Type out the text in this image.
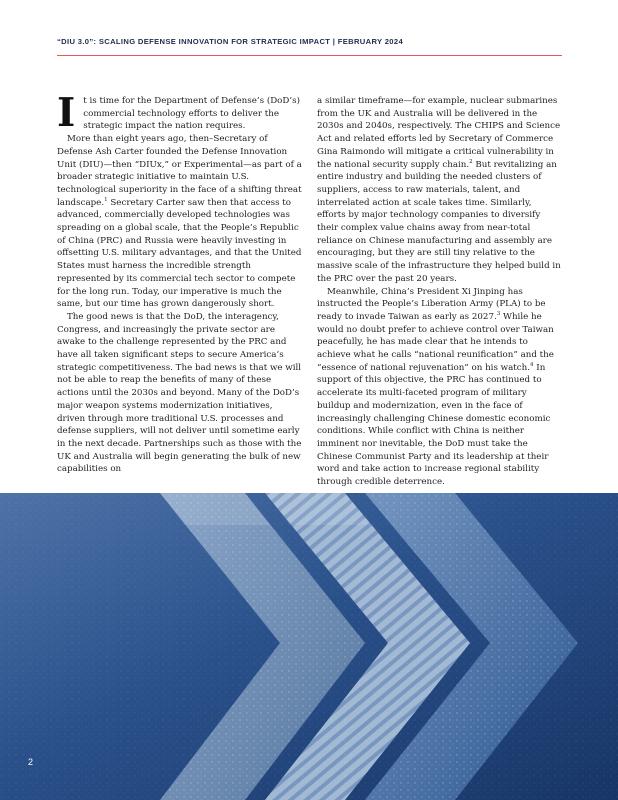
“DIU 3.0”: SCALING DEFENSE INNOVATION FOR STRATEGIC IMPACT | FEBRUARY 2024

It is time for the Department of Defense’s (DoD’s) commercial technology efforts to deliver the strategic impact the nation requires.

More than eight years ago, then–Secretary of Defense Ash Carter founded the Defense Innovation Unit (DIU)—then “DIUx,” or Experimental—as part of a broader strategic initiative to maintain U.S. technological superiority in the face of a shifting threat landscape.$^1$ Secretary Carter saw then that access to advanced, commercially developed technologies was spreading on a global scale, that the People’s Republic of China (PRC) and Russia were heavily investing in offsetting U.S. military advantages, and that the United States must harness the incredible strength represented by its commercial tech sector to compete for the long run. Today, our imperative is much the same, but our time has grown dangerously short.

The good news is that the DoD, the interagency, Congress, and increasingly the private sector are awake to the challenge represented by the PRC and have all taken significant steps to secure America’s strategic competitiveness. The bad news is that we will not be able to reap the benefits of many of these actions until the 2030s and beyond. Many of the DoD’s major weapon systems modernization initiatives, driven through more traditional U.S. processes and defense suppliers, will not deliver until sometime early in the next decade. Partnerships such as those with the UK and Australia will begin generating the bulk of new capabilities on

a similar timeframe—for example, nuclear submarines from the UK and Australia will be delivered in the 2030s and 2040s, respectively. The CHIPS and Science Act and related efforts led by Secretary of Commerce Gina Raimondo will mitigate a critical vulnerability in the national security supply chain.$^2$ But revitalizing an entire industry and building the needed clusters of suppliers, access to raw materials, talent, and interrelated action at scale takes time. Similarly, efforts by major technology companies to diversify their complex value chains away from near-total reliance on Chinese manufacturing and assembly are encouraging, but they are still tiny relative to the massive scale of the infrastructure they helped build in the PRC over the past 20 years.

Meanwhile, China’s President Xi Jinping has instructed the People’s Liberation Army (PLA) to be ready to invade Taiwan as early as 2027.$^3$ While he would no doubt prefer to achieve control over Taiwan peacefully, he has made clear that he intends to achieve what he calls “national reunification” and the “essence of national rejuvenation” on his watch.$^4$ In support of this objective, the PRC has continued to accelerate its multi-faceted program of military buildup and modernization, even in the face of increasingly challenging Chinese domestic economic conditions. While conflict with China is neither imminent nor inevitable, the DoD must take the Chinese Communist Party and its leadership at their word and take action to increase regional stability through credible deterrence.

2
